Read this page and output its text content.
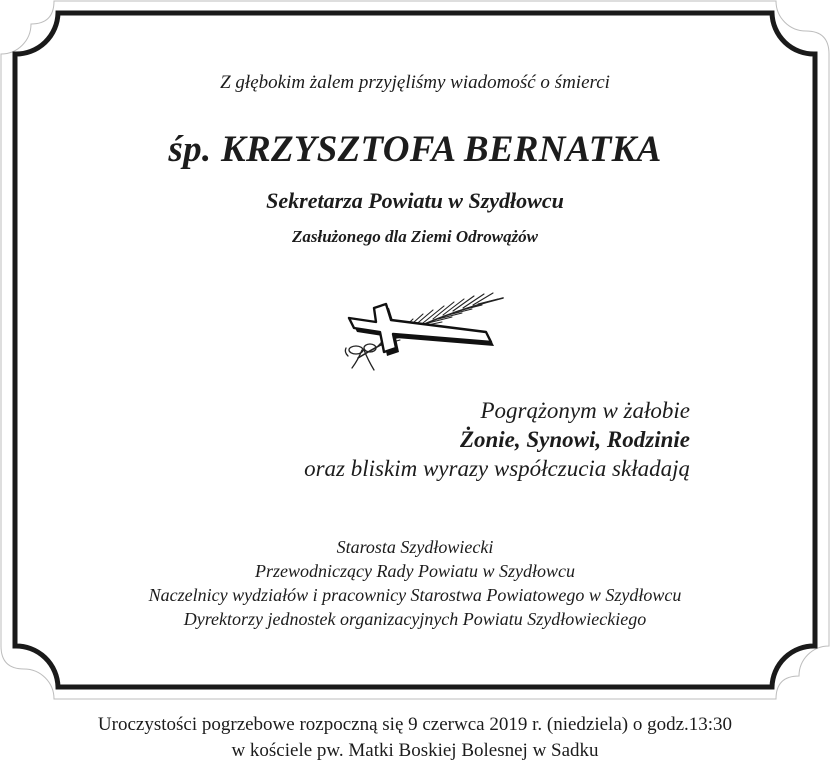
Z głębokim żalem przyjęliśmy wiadomość o śmierci
śp. KRZYSZTOFA BERNATKA
Sekretarza Powiatu w Szydłowcu
Zasłużonego dla Ziemi Odrowążów
Pogrążonym w żałobie
Żonie, Synowi, Rodzinie
oraz bliskim wyrazy współczucia składają
Starosta Szydłowiecki
Przewodniczący Rady Powiatu w Szydłowcu
Naczelnicy wydziałów i pracownicy Starostwa Powiatowego w Szydłowcu
Dyrektorzy jednostek organizacyjnych Powiatu Szydłowieckiego
Uroczystości pogrzebowe rozpoczną się 9 czerwca 2019 r. (niedziela) o godz.13:30
w kościele pw. Matki Boskiej Bolesnej w Sadku
